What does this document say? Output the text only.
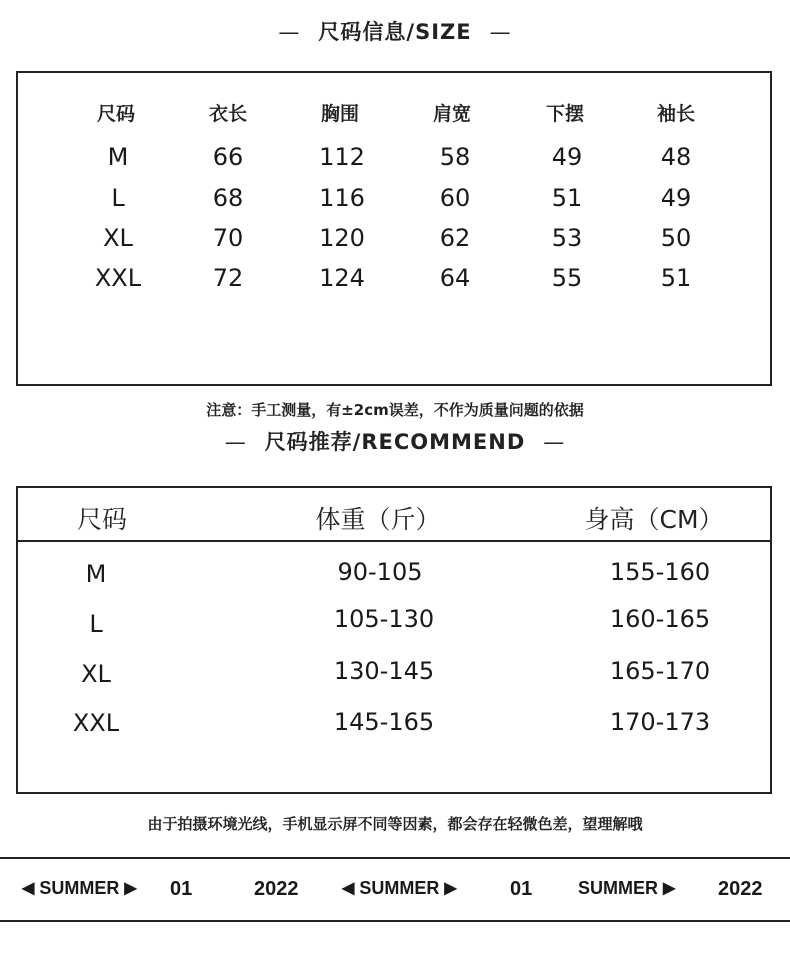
— 尺码信息/SIZE —
尺码	衣长	胸围	肩宽	下摆	袖长
M	66	112	58	49	48
L	68	116	60	51	49
XL	70	120	62	53	50
XXL	72	124	64	55	51
注意：手工测量，有±2cm误差，不作为质量问题的依据
— 尺码推荐/RECOMMEND —
尺码	体重（斤）	身高（CM）
M	90-105	155-160
L	105-130	160-165
XL	130-145	165-170
XXL	145-165	170-173
由于拍摄环境光线，手机显示屏不同等因素，都会存在轻微色差，望理解哦
◀ SUMMER ▶ 01	2022	◀ SUMMER ▶	01	SUMMER ▶ 2022
